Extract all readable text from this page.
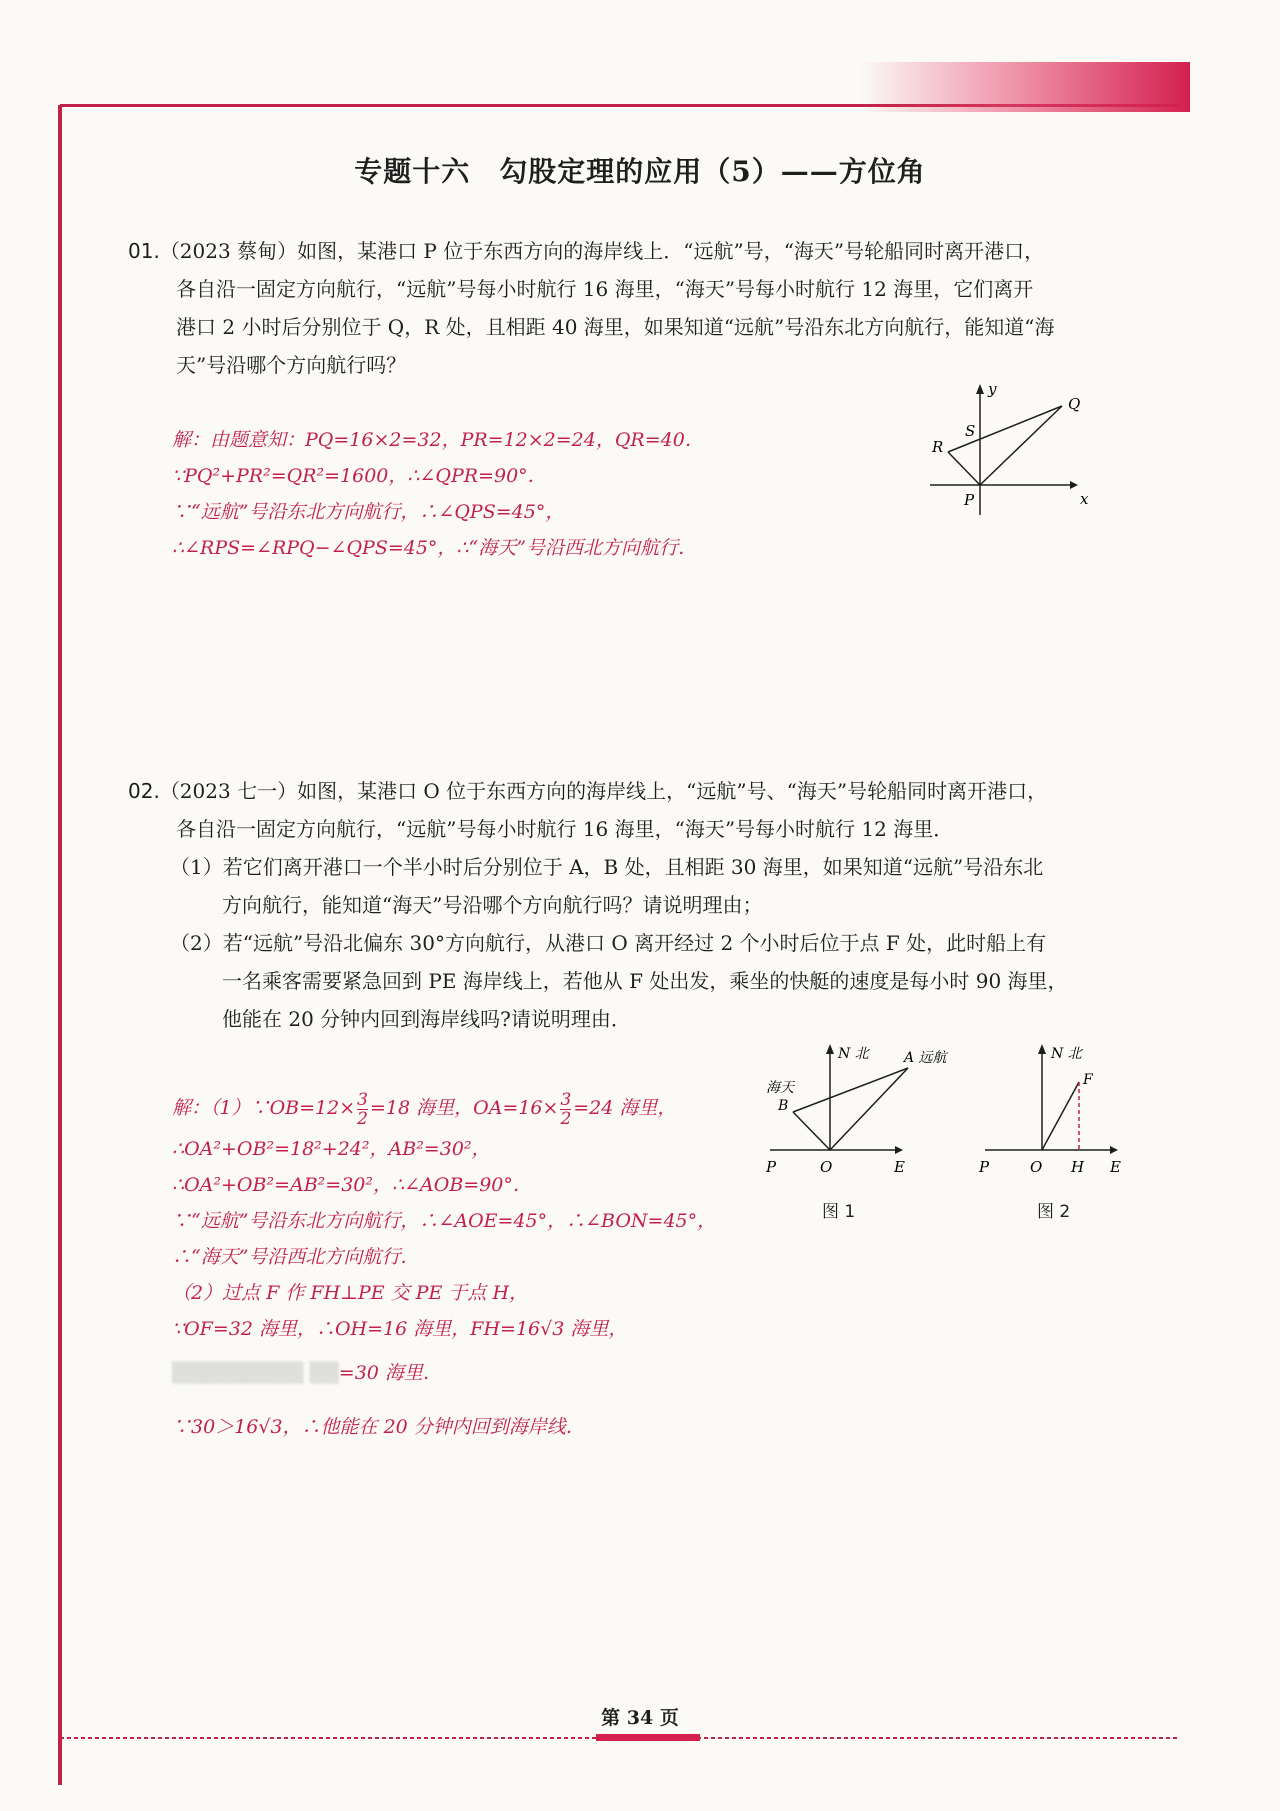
专题十六　勾股定理的应用（5）——方位角
01.（2023 蔡甸）如图，某港口 P 位于东西方向的海岸线上．“远航”号，“海天”号轮船同时离开港口，
各自沿一固定方向航行，“远航”号每小时航行 16 海里，“海天”号每小时航行 12 海里，它们离开
港口 2 小时后分别位于 Q，R 处，且相距 40 海里，如果知道“远航”号沿东北方向航行，能知道“海
天”号沿哪个方向航行吗？
解：由题意知：PQ=16×2=32，PR=12×2=24，QR=40．
∵PQ²+PR²=QR²=1600，∴∠QPR=90°．
∵“远航”号沿东北方向航行，∴∠QPS=45°，
∴∠RPS=∠RPQ−∠QPS=45°，∴“海天”号沿西北方向航行．
y
x
Q
S
R
P
02.（2023 七一）如图，某港口 O 位于东西方向的海岸线上，“远航”号、“海天”号轮船同时离开港口，
各自沿一固定方向航行，“远航”号每小时航行 16 海里，“海天”号每小时航行 12 海里．
（1）若它们离开港口一个半小时后分别位于 A，B 处，且相距 30 海里，如果知道“远航”号沿东北
方向航行，能知道“海天”号沿哪个方向航行吗？请说明理由；
（2）若“远航”号沿北偏东 30°方向航行，从港口 O 离开经过 2 个小时后位于点 F 处，此时船上有
一名乘客需要紧急回到 PE 海岸线上，若他从 F 处出发，乘坐的快艇的速度是每小时 90 海里，
他能在 20 分钟内回到海岸线吗?请说明理由．
解：（1）∵OB=12× $\frac{3}{2} =18$ 海里，$OA=16\times \frac{3}{2} =24$ 海里，
∴OA²+OB²=18²+24²，AB²=30²，
∴OA²+OB²=AB²=30²，∴∠AOB=90°．
∵“远航”号沿东北方向航行，∴∠AOE=45°，∴∠BON=45°，
∴“海天”号沿西北方向航行．
（2）过点 F 作 FH⊥PE 交 PE 于点 H，
∵OF=32 海里，∴OH=16 海里，FH=16√3 海里，
▒▒▒▒▒▒▒▒▒ ▒▒=30 海里．
∵30＞16√3，∴他能在 20 分钟内回到海岸线．
N 北	A 远航
海天
B
P	O	E
图 1
N 北
F
P	O H E
图 2
第 34 页
